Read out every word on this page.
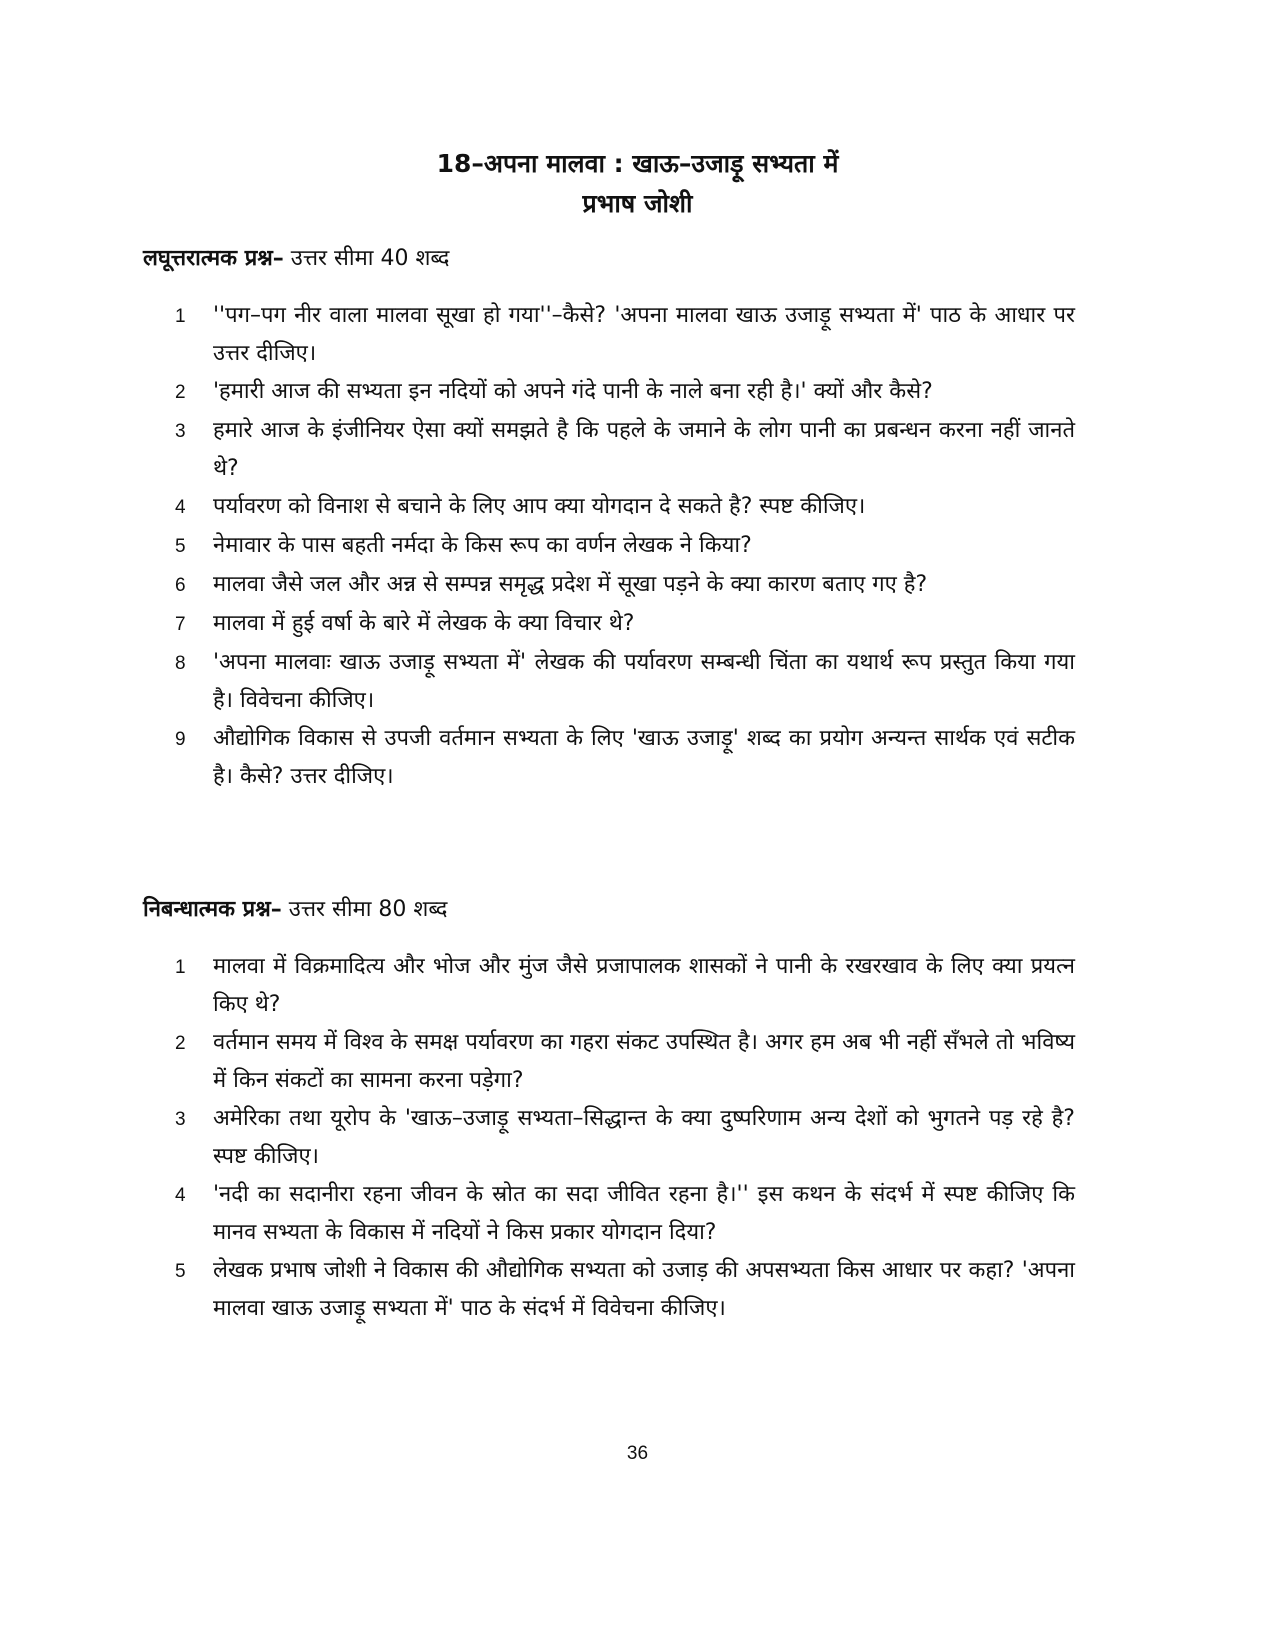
18–अपना मालवा : खाऊ–उजाड़ू सभ्यता में
प्रभाष जोशी

लघूत्तरात्मक प्रश्न– उत्तर सीमा 40 शब्द

1	''पग–पग नीर वाला मालवा सूखा हो गया''–कैसे? 'अपना मालवा खाऊ उजाड़ू सभ्यता में' पाठ के आधार पर उत्तर दीजिए।
2	'हमारी आज की सभ्यता इन नदियों को अपने गंदे पानी के नाले बना रही है।' क्यों और कैसे?
3	हमारे आज के इंजीनियर ऐसा क्यों समझते है कि पहले के जमाने के लोग पानी का प्रबन्धन करना नहीं जानते थे?
4	पर्यावरण को विनाश से बचाने के लिए आप क्या योगदान दे सकते है? स्पष्ट कीजिए।
5	नेमावार के पास बहती नर्मदा के किस रूप का वर्णन लेखक ने किया?
6	मालवा जैसे जल और अन्न से सम्पन्न समृद्ध प्रदेश में सूखा पड़ने के क्या कारण बताए गए है?
7	मालवा में हुई वर्षा के बारे में लेखक के क्या विचार थे?
8	'अपना मालवाः खाऊ उजाड़ू सभ्यता में' लेखक की पर्यावरण सम्बन्धी चिंता का यथार्थ रूप प्रस्तुत किया गया है। विवेचना कीजिए।
9	औद्योगिक विकास से उपजी वर्तमान सभ्यता के लिए 'खाऊ उजाड़ू' शब्द का प्रयोग अन्यन्त सार्थक एवं सटीक है। कैसे? उत्तर दीजिए।

निबन्धात्मक प्रश्न– उत्तर सीमा 80 शब्द

1	मालवा में विक्रमादित्य और भोज और मुंज जैसे प्रजापालक शासकों ने पानी के रखरखाव के लिए क्या प्रयत्न किए थे?
2	वर्तमान समय में विश्व के समक्ष पर्यावरण का गहरा संकट उपस्थित है। अगर हम अब भी नहीं सँभले तो भविष्य में किन संकटों का सामना करना पड़ेगा?
3	अमेरिका तथा यूरोप के 'खाऊ–उजाड़ू सभ्यता–सिद्धान्त के क्या दुष्परिणाम अन्य देशों को भुगतने पड़ रहे है? स्पष्ट कीजिए।
4	'नदी का सदानीरा रहना जीवन के स्रोत का सदा जीवित रहना है।'' इस कथन के संदर्भ में स्पष्ट कीजिए कि मानव सभ्यता के विकास में नदियों ने किस प्रकार योगदान दिया?
5	लेखक प्रभाष जोशी ने विकास की औद्योगिक सभ्यता को उजाड़ की अपसभ्यता किस आधार पर कहा? 'अपना मालवा खाऊ उजाड़ू सभ्यता में' पाठ के संदर्भ में विवेचना कीजिए।
36
